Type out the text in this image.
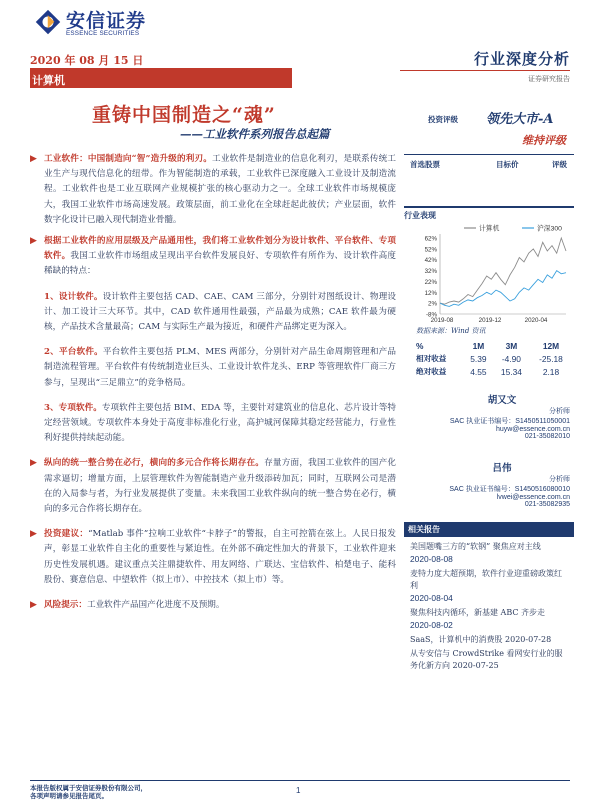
安信证券
ESSENCE SECURITIES
2020 年 08 月 15 日
计算机
行业深度分析
证券研究报告
重铸中国制造之“魂”
——工业软件系列报告总起篇
▶ 工业软件：中国制造向“智”造升级的利刃。工业软件是制造业的信息化利刃，是联系传统工业生产与现代信息化的纽带。作为智能制造的承载，工业软件已深度融入工业设计及制造流程。工业软件也是工业互联网产业规模扩张的核心驱动力之一。全球工业软件市场规模庞大，我国工业软件市场高速发展。政策层面，前工业化在全球赶起此彼伏；产业层面，软件数字化设计已融入现代制造业骨髓。

▶ 根据工业软件的应用层级及产品通用性，我们将工业软件划分为设计软件、平台软件、专项软件。我国工业软件市场组成呈现出平台软件发展良好、专项软件有所作为、设计软件高度稀缺的特点：

1、设计软件。设计软件主要包括 CAD、CAE、CAM 三部分，分别针对图纸设计、物理设计、加工设计三大环节。其中，CAD 软件通用性最强，产品最为成熟；CAE 软件最为硬核，产品技术含量最高；CAM 与实际生产最为接近，和硬件产品绑定更为深入。

2、平台软件。平台软件主要包括 PLM、MES 两部分，分别针对产品生命周期管理和产品制造流程管理。平台软件有传统制造业巨头、工业设计软件龙头、ERP 等管理软件厂商三方参与，呈现出“三足鼎立”的竞争格局。

3、专项软件。专项软件主要包括 BIM、EDA 等，主要针对建筑业的信息化、芯片设计等特定经营领域。专项软件本身处于高度非标准化行业，高护城河保障其稳定经营能力，行业性利好提供持续起动能。

▶ 纵向的统一整合势在必行，横向的多元合作将长期存在。存量方面，我国工业软件的国产化需求逼切；增量方面，上层管理软件为智能制造产业升级添砖加瓦；同时，互联网公司是潜在的入局参与者，为行业发展提供了变量。未来我国工业软件纵向的统一整合势在必行，横向的多元合作将长期存在。

▶ 投资建议：“Matlab 事件”拉响工业软件“卡脖子”的警报，自主可控箭在弦上。人民日报发声，彰显工业软件自主化的重要性与紧迫性。在外部不确定性加大的背景下，工业软件迎来历史性发展机遇。建议重点关注鼎捷软件、用友网络、广联达、宝信软件、柏楚电子、能科股份、赛意信息、中望软件（拟上市）、中控技术（拟上市）等。

▶ 风险提示：工业软件产品国产化进度不及预期。

投资评级 领先大市-A
维持评级
首选股票	目标价	评级
行业表现
62%
52%
42%
32%
22%
12%
2%
-8%
2019-08	2019-12	2020-04
计算机	沪深300
数据来源：Wind 资讯
%	1M	3M	12M
相对收益	5.39	-4.90	-25.18
绝对收益	4.55	15.34	2.18
胡又文
分析师
SAC 执业证书编号：S1450511050001
huyw@essence.com.cn
021-35082010
吕伟
分析师
SAC 执业证书编号：S1450516080010
lvwei@essence.com.cn
021-35082935
相关报告
美国题嘴三方的“软钢” 聚焦应对主线
2020-08-08
麦特力度大超预期，软件行业迎重磅政策红利
2020-08-04
聚焦科技内循环，新基建 ABC 齐步走
2020-08-02
SaaS，计算机中的消费股 2020-07-28
从专安信与 CrowdStrike 看网安行业的服务化新方向 2020-07-25
本报告版权属于安信证券股份有限公司，
各项声明请参见报告尾页。
1
